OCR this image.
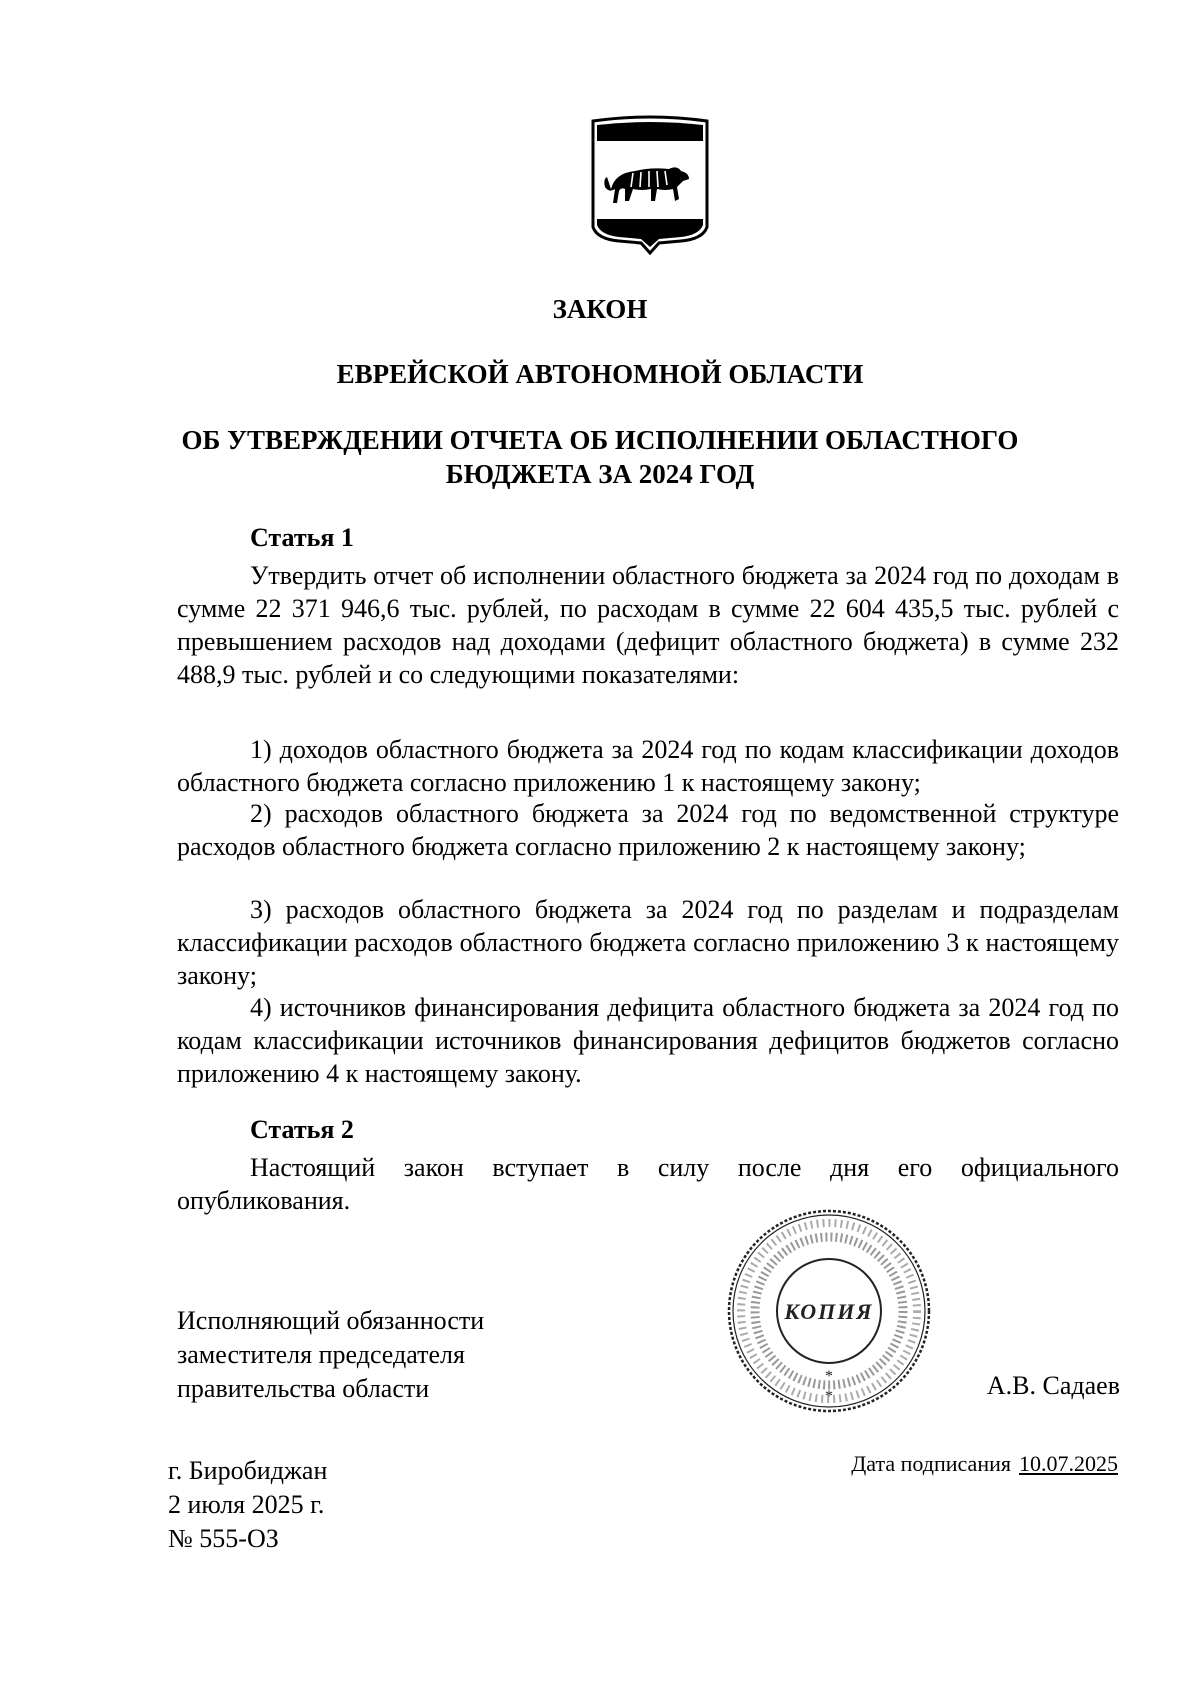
ЗАКОН
ЕВРЕЙСКОЙ АВТОНОМНОЙ ОБЛАСТИ
ОБ УТВЕРЖДЕНИИ ОТЧЕТА ОБ ИСПОЛНЕНИИ ОБЛАСТНОГО
БЮДЖЕТА ЗА 2024 ГОД
Статья 1

Утвердить отчет об исполнении областного бюджета за 2024 год по доходам в сумме 22 371 946,6 тыс. рублей, по расходам в сумме 22 604 435,5 тыс. рублей с превышением расходов над доходами (дефицит областного бюджета) в сумме 232 488,9 тыс. рублей и со следующими показателями:

1) доходов областного бюджета за 2024 год по кодам классификации доходов областного бюджета согласно приложению 1 к настоящему закону;

2) расходов областного бюджета за 2024 год по ведомственной структуре расходов областного бюджета согласно приложению 2 к настоящему закону;

3) расходов областного бюджета за 2024 год по разделам и подразделам классификации расходов областного бюджета согласно приложению 3 к настоящему закону;

4) источников финансирования дефицита областного бюджета за 2024 год по кодам классификации источников финансирования дефицитов бюджетов согласно приложению 4 к настоящему закону.

Статья 2

Настоящий закон вступает в силу после дня его официального опубликования.

Исполняющий обязанности
заместителя председателя
правительства области

КОПИЯ
*
*	А.В. Садаев

г. Биробиджан
2 июля 2025 г.
№ 555-ОЗ

Дата подписания 10.07.2025
